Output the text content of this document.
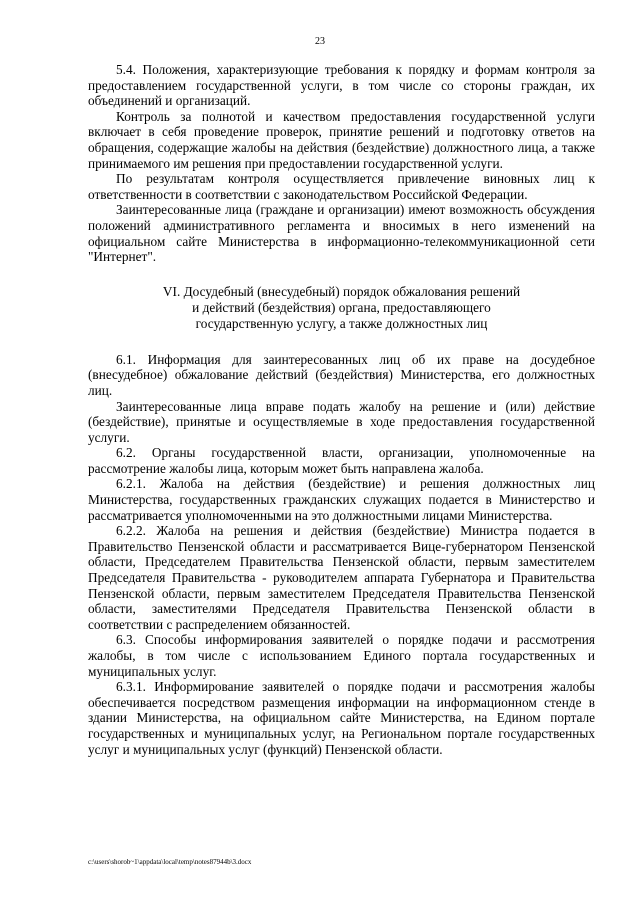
23

5.4. Положения, характеризующие требования к порядку и формам контроля за предоставлением государственной услуги, в том числе со стороны граждан, их объединений и организаций.

Контроль за полнотой и качеством предоставления государственной услуги включает в себя проведение проверок, принятие решений и подготовку ответов на обращения, содержащие жалобы на действия (бездействие) должностного лица, а также принимаемого им решения при предоставлении государственной услуги.

По результатам контроля осуществляется привлечение виновных лиц к ответственности в соответствии с законодательством Российской Федерации.

Заинтересованные лица (граждане и организации) имеют возможность обсуждения положений административного регламента и вносимых в него изменений на официальном сайте Министерства в информационно-телекоммуникационной сети "Интернет".

VI. Досудебный (внесудебный) порядок обжалования решений
и действий (бездействия) органа, предоставляющего
государственную услугу, а также должностных лиц

6.1. Информация для заинтересованных лиц об их праве на досудебное (внесудебное) обжалование действий (бездействия) Министерства, его должностных лиц.

Заинтересованные лица вправе подать жалобу на решение и (или) действие (бездействие), принятые и осуществляемые в ходе предоставления государственной услуги.

6.2. Органы государственной власти, организации, уполномоченные на рассмотрение жалобы лица, которым может быть направлена жалоба.

6.2.1. Жалоба на действия (бездействие) и решения должностных лиц Министерства, государственных гражданских служащих подается в Министерство и рассматривается уполномоченными на это должностными лицами Министерства.

6.2.2. Жалоба на решения и действия (бездействие) Министра подается в Правительство Пензенской области и рассматривается Вице-губернатором Пензенской области, Председателем Правительства Пензенской области, первым заместителем Председателя Правительства - руководителем аппарата Губернатора и Правительства Пензенской области, первым заместителем Председателя Правительства Пензенской области, заместителями Председателя Правительства Пензенской области в соответствии с распределением обязанностей.

6.3. Способы информирования заявителей о порядке подачи и рассмотрения жалобы, в том числе с использованием Единого портала государственных и муниципальных услуг.

6.3.1. Информирование заявителей о порядке подачи и рассмотрения жалобы обеспечивается посредством размещения информации на информационном стенде в здании Министерства, на официальном сайте Министерства, на Едином портале государственных и муниципальных услуг, на Региональном портале государственных услуг и муниципальных услуг (функций) Пензенской области.

c:\users\shorob~1\appdata\local\temp\notes87944b\3.docx
